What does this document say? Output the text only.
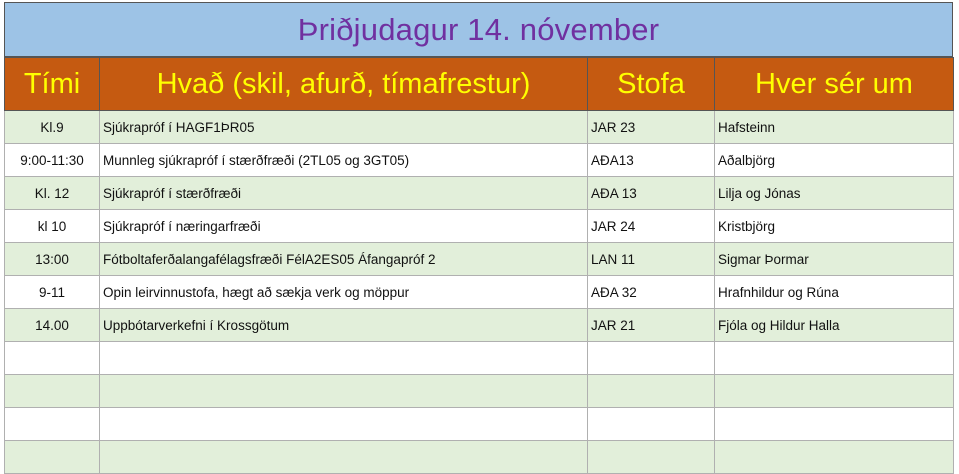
Þriðjudagur 14. nóvember
Tími	Hvað (skil, afurð, tímafrestur)	Stofa	Hver sér um
Kl.9	Sjúkrapróf í HAGF1ÞR05	JAR 23	Hafsteinn
9:00-11:30	Munnleg sjúkrapróf í stærðfræði (2TL05 og 3GT05)	AÐA13	Aðalbjörg
Kl. 12	Sjúkrapróf í stærðfræði	AÐA 13	Lilja og Jónas
kl 10	Sjúkrapróf í næringarfræði	JAR 24	Kristbjörg
13:00	Fótboltaferðalangafélagsfræði FélA2ES05 Áfangapróf 2	LAN 11	Sigmar Þormar
9-11	Opin leirvinnustofa, hægt að sækja verk og möppur	AÐA 32	Hrafnhildur og Rúna
14.00	Uppbótarverkefni í Krossgötum	JAR 21	Fjóla og Hildur Halla
